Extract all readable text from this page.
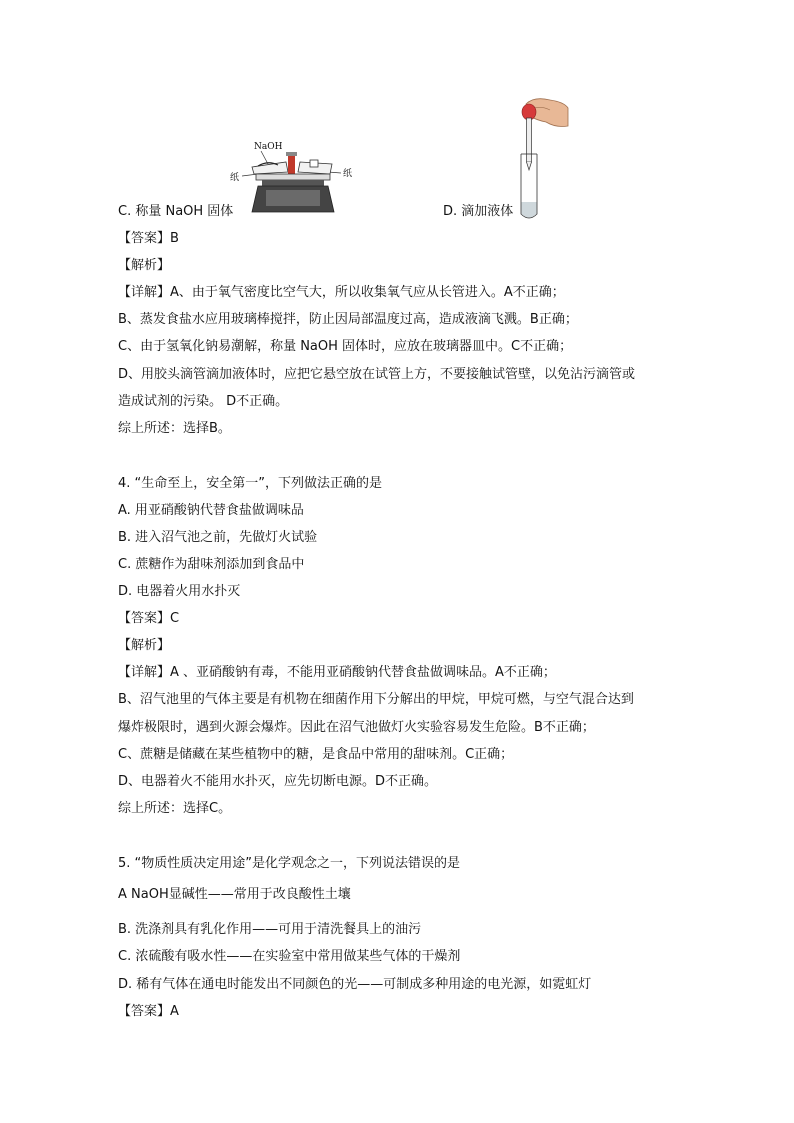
NaOH
纸	纸
C. 称量 NaOH 固体	D. 滴加液体
【答案】B
【解析】
【详解】A、由于氧气密度比空气大，所以收集氧气应从长管进入。A不正确；
B、蒸发食盐水应用玻璃棒搅拌，防止因局部温度过高，造成液滴飞溅。B正确；
C、由于氢氧化钠易潮解，称量 NaOH 固体时，应放在玻璃器皿中。C不正确；
D、用胶头滴管滴加液体时，应把它悬空放在试管上方，不要接触试管壁，以免沾污滴管或
造成试剂的污染。 D不正确。
综上所述：选择B。
4. “生命至上，安全第一”，下列做法正确的是
A. 用亚硝酸钠代替食盐做调味品
B. 进入沼气池之前，先做灯火试验
C. 蔗糖作为甜味剂添加到食品中
D. 电器着火用水扑灭
【答案】C
【解析】
【详解】A 、亚硝酸钠有毒，不能用亚硝酸钠代替食盐做调味品。A不正确；
B、沼气池里的气体主要是有机物在细菌作用下分解出的甲烷，甲烷可燃，与空气混合达到
爆炸极限时，遇到火源会爆炸。因此在沼气池做灯火实验容易发生危险。B不正确；
C、蔗糖是储藏在某些植物中的糖，是食品中常用的甜味剂。C正确；
D、电器着火不能用水扑灭，应先切断电源。D不正确。
综上所述：选择C。
5. “物质性质决定用途”是化学观念之一，下列说法错误的是
A NaOH显碱性——常用于改良酸性土壤
B. 洗涤剂具有乳化作用——可用于清洗餐具上的油污
C. 浓硫酸有吸水性——在实验室中常用做某些气体的干燥剂
D. 稀有气体在通电时能发出不同颜色的光——可制成多种用途的电光源，如霓虹灯
【答案】A
